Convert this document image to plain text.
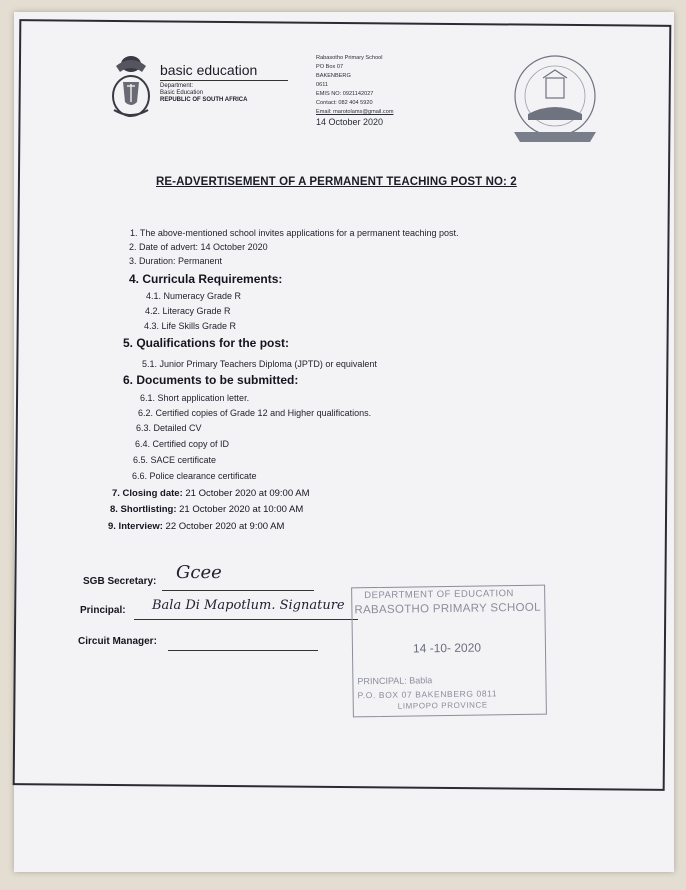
basic education
Department:
Basic Education
REPUBLIC OF SOUTH AFRICA
Rabasotho Primary School
PO Box 07
BAKENBERG
0611
EMIS NO: 0921142027
Contact: 082 404 5920
Email: marotolams@gmail.com
14 October 2020
RE-ADVERTISEMENT OF A PERMANENT TEACHING POST NO: 2
1. The above-mentioned school invites applications for a permanent teaching post.
2. Date of advert: 14 October 2020
3. Duration: Permanent
4. Curricula Requirements:
4.1. Numeracy Grade R
4.2. Literacy Grade R
4.3. Life Skills Grade R
5. Qualifications for the post:
5.1. Junior Primary Teachers Diploma (JPTD) or equivalent
6. Documents to be submitted:
6.1. Short application letter.
6.2. Certified copies of Grade 12 and Higher qualifications.
6.3. Detailed CV
6.4. Certified copy of ID
6.5. SACE certificate
6.6. Police clearance certificate
7. Closing date: 21 October 2020 at 09:00 AM
8. Shortlisting: 21 October 2020 at 10:00 AM
9. Interview: 22 October 2020 at 9:00 AM
SGB Secretary: Gcee
Principal: Bala Di Mapotlum. Signature
Circuit Manager:
DEPARTMENT OF EDUCATION
RABASOTHO PRIMARY SCHOOL
14 -10- 2020
PRINCIPAL: Babla
P.O. BOX 07 BAKENBERG 0811
LIMPOPO PROVINCE
